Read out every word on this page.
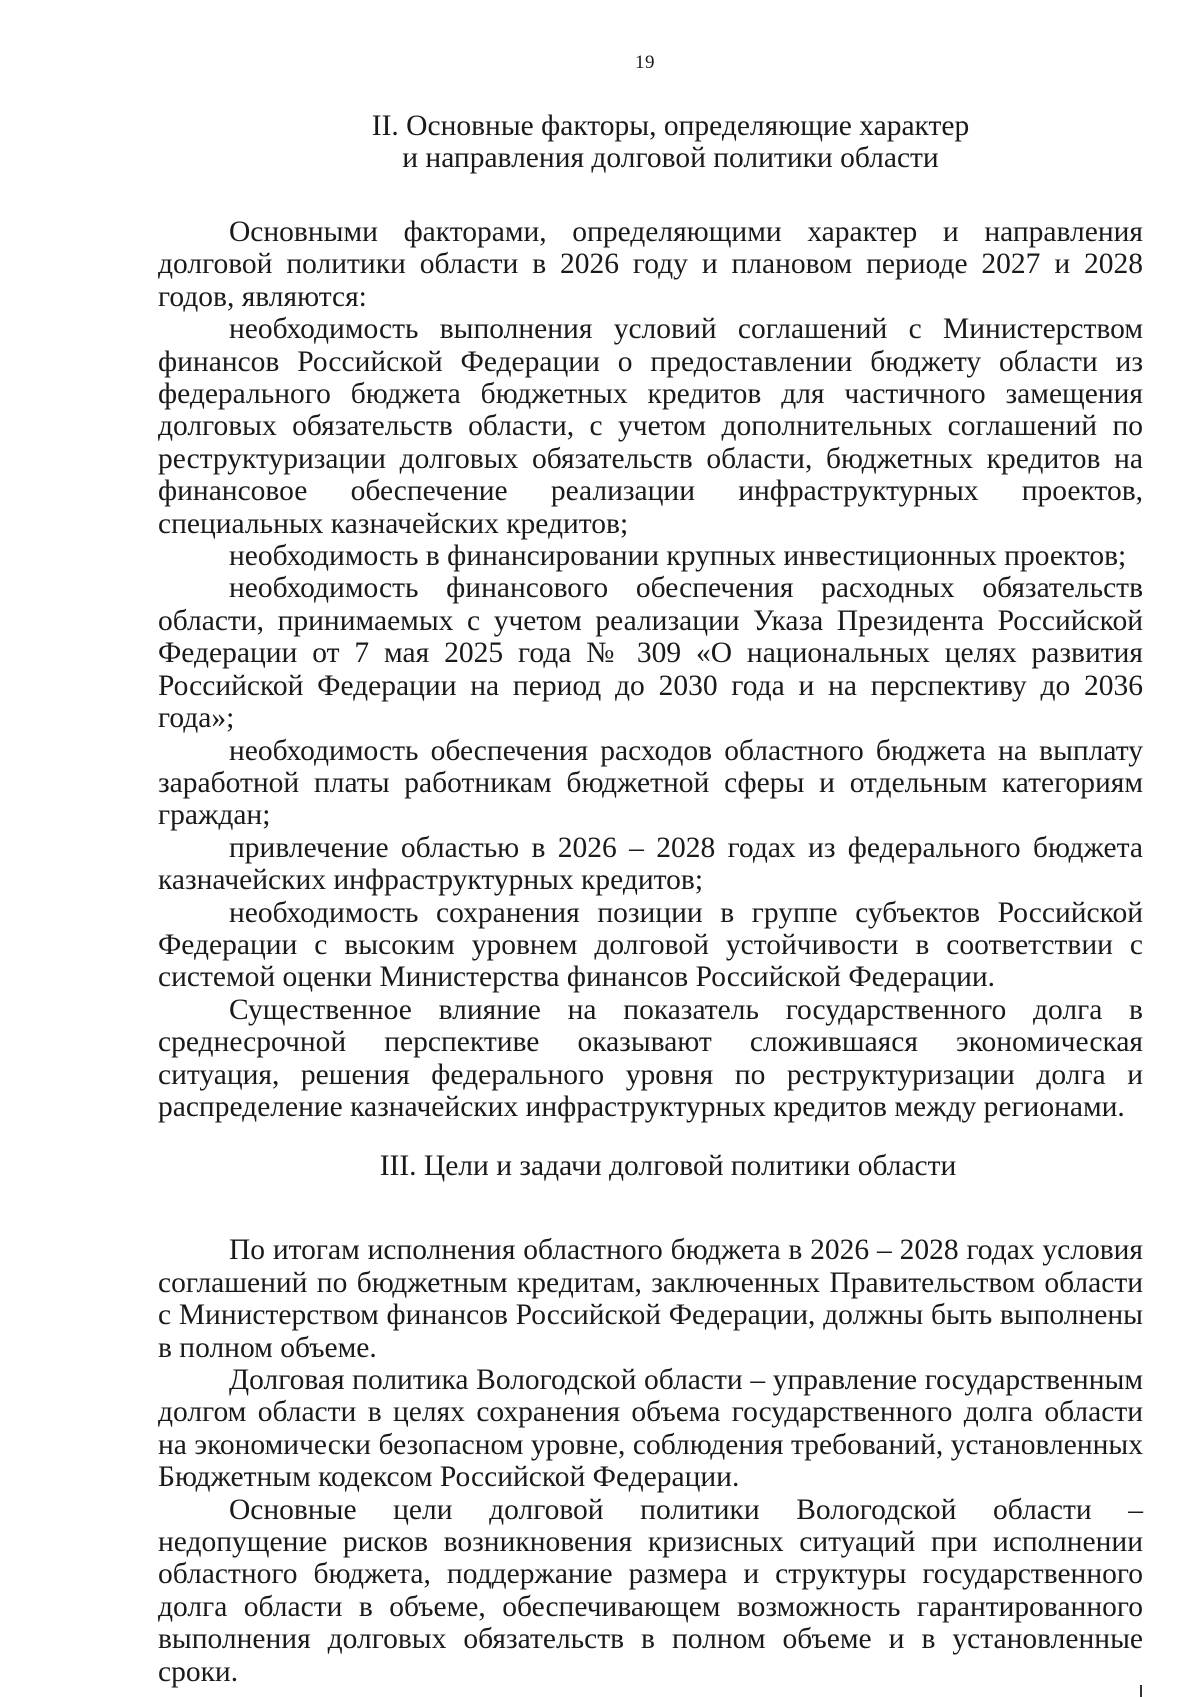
19
II. Основные факторы, определяющие характер
и направления долговой политики области

Основными факторами, определяющими характер и направления долговой политики области в 2026 году и плановом периоде 2027 и 2028 годов, являются:

необходимость выполнения условий соглашений с Министерством финансов Российской Федерации о предоставлении бюджету области из федерального бюджета бюджетных кредитов для частичного замещения долговых обязательств области, с учетом дополнительных соглашений по реструктуризации долговых обязательств области, бюджетных кредитов на финансовое обеспечение реализации инфраструктурных проектов, специальных казначейских кредитов;

необходимость в финансировании крупных инвестиционных проектов;

необходимость финансового обеспечения расходных обязательств области, принимаемых с учетом реализации Указа Президента Российской Федерации от 7 мая 2025 года № 309 «О национальных целях развития Российской Федерации на период до 2030 года и на перспективу до 2036 года»;

необходимость обеспечения расходов областного бюджета на выплату заработной платы работникам бюджетной сферы и отдельным категориям граждан;

привлечение областью в 2026 – 2028 годах из федерального бюджета казначейских инфраструктурных кредитов;

необходимость сохранения позиции в группе субъектов Российской Федерации с высоким уровнем долговой устойчивости в соответствии с системой оценки Министерства финансов Российской Федерации.

Существенное влияние на показатель государственного долга в среднесрочной перспективе оказывают сложившаяся экономическая ситуация, решения федерального уровня по реструктуризации долга и распределение казначейских инфраструктурных кредитов между регионами.

III. Цели и задачи долговой политики области

По итогам исполнения областного бюджета в 2026 – 2028 годах условия соглашений по бюджетным кредитам, заключенных Правительством области с Министерством финансов Российской Федерации, должны быть выполнены в полном объеме.

Долговая политика Вологодской области – управление государственным долгом области в целях сохранения объема государственного долга области на экономически безопасном уровне, соблюдения требований, установленных Бюджетным кодексом Российской Федерации.

Основные цели долговой политики Вологодской области – недопущение рисков возникновения кризисных ситуаций при исполнении областного бюджета, поддержание размера и структуры государственного долга области в объеме, обеспечивающем возможность гарантированного выполнения долговых обязательств в полном объеме и в установленные сроки.
